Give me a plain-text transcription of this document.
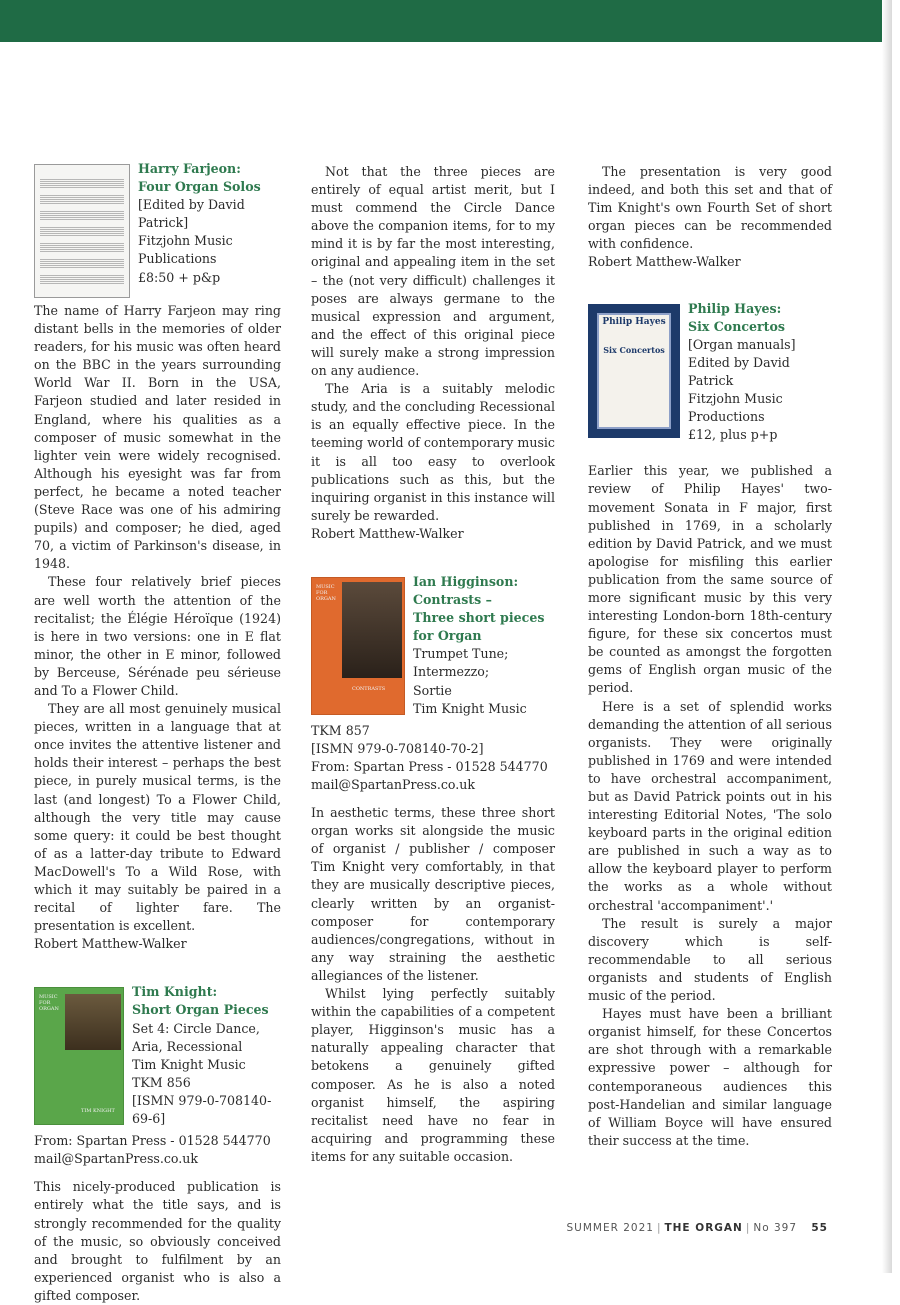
Harry Farjeon:
Four Organ Solos
[Edited by David
Patrick]
Fitzjohn Music
Publications
£8:50 + p&p

The name of Harry Farjeon may ring distant bells in the memories of older readers, for his music was often heard on the BBC in the years surrounding World War II. Born in the USA, Farjeon studied and later resided in England, where his qualities as a composer of music somewhat in the lighter vein were widely recognised. Although his eyesight was far from perfect, he became a noted teacher (Steve Race was one of his admiring pupils) and composer; he died, aged 70, a victim of Parkinson's disease, in 1948.

These four relatively brief pieces are well worth the attention of the recitalist; the Élégie Héroïque (1924) is here in two versions: one in E flat minor, the other in E minor, followed by Berceuse, Sérénade peu sérieuse and To a Flower Child.

They are all most genuinely musical pieces, written in a language that at once invites the attentive listener and holds their interest – perhaps the best piece, in purely musical terms, is the last (and longest) To a Flower Child, although the very title may cause some query: it could be best thought of as a latter-day tribute to Edward MacDowell's To a Wild Rose, with which it may suitably be paired in a recital of lighter fare. The presentation is excellent.

Robert Matthew-Walker

MUSIC FOR ORGAN
TIM KNIGHT
Tim Knight:
Short Organ Pieces
Set 4: Circle Dance,
Aria, Recessional
Tim Knight Music
TKM 856
[ISMN 979-0-708140-
69-6]
From: Spartan Press - 01528 544770
mail@SpartanPress.co.uk

This nicely-produced publication is entirely what the title says, and is strongly recommended for the quality of the music, so obviously conceived and brought to fulfilment by an experienced organist who is also a gifted composer.

Not that the three pieces are entirely of equal artist merit, but I must commend the Circle Dance above the companion items, for to my mind it is by far the most interesting, original and appealing item in the set – the (not very difficult) challenges it poses are always germane to the musical expression and argument, and the effect of this original piece will surely make a strong impression on any audience.

The Aria is a suitably melodic study, and the concluding Recessional is an equally effective piece. In the teeming world of contemporary music it is all too easy to overlook publications such as this, but the inquiring organist in this instance will surely be rewarded.

Robert Matthew-Walker

MUSIC FOR ORGAN
CONTRASTS
Ian Higginson:
Contrasts –
Three short pieces
for Organ
Trumpet Tune;
Intermezzo;
Sortie
Tim Knight Music
TKM 857
[ISMN 979-0-708140-70-2]
From: Spartan Press - 01528 544770
mail@SpartanPress.co.uk

In aesthetic terms, these three short organ works sit alongside the music of organist / publisher / composer Tim Knight very comfortably, in that they are musically descriptive pieces, clearly written by an organist-composer for contemporary audiences/congregations, without in any way straining the aesthetic allegiances of the listener.

Whilst lying perfectly suitably within the capabilities of a competent player, Higginson's music has a naturally appealing character that betokens a genuinely gifted composer. As he is also a noted organist himself, the aspiring recitalist need have no fear in acquiring and programming these items for any suitable occasion.

The presentation is very good indeed, and both this set and that of Tim Knight's own Fourth Set of short organ pieces can be recommended with confidence.

Robert Matthew-Walker

Philip Hayes
Six Concertos
Philip Hayes:
Six Concertos
[Organ manuals]
Edited by David
Patrick
Fitzjohn Music
Productions
£12, plus p+p

Earlier this year, we published a review of Philip Hayes' two-movement Sonata in F major, first published in 1769, in a scholarly edition by David Patrick, and we must apologise for misfiling this earlier publication from the same source of more significant music by this very interesting London-born 18th-century figure, for these six concertos must be counted as amongst the forgotten gems of English organ music of the period.

Here is a set of splendid works demanding the attention of all serious organists. They were originally published in 1769 and were intended to have orchestral accompaniment, but as David Patrick points out in his interesting Editorial Notes, 'The solo keyboard parts in the original edition are published in such a way as to allow the keyboard player to perform the works as a whole without orchestral 'accompaniment'.'

The result is surely a major discovery which is self-recommendable to all serious organists and students of English music of the period.

Hayes must have been a brilliant organist himself, for these Concertos are shot through with a remarkable expressive power – although for contemporaneous audiences this post-Handelian and similar language of William Boyce will have ensured their success at the time.

SUMMER 2021 | THE ORGAN | No 397 55
